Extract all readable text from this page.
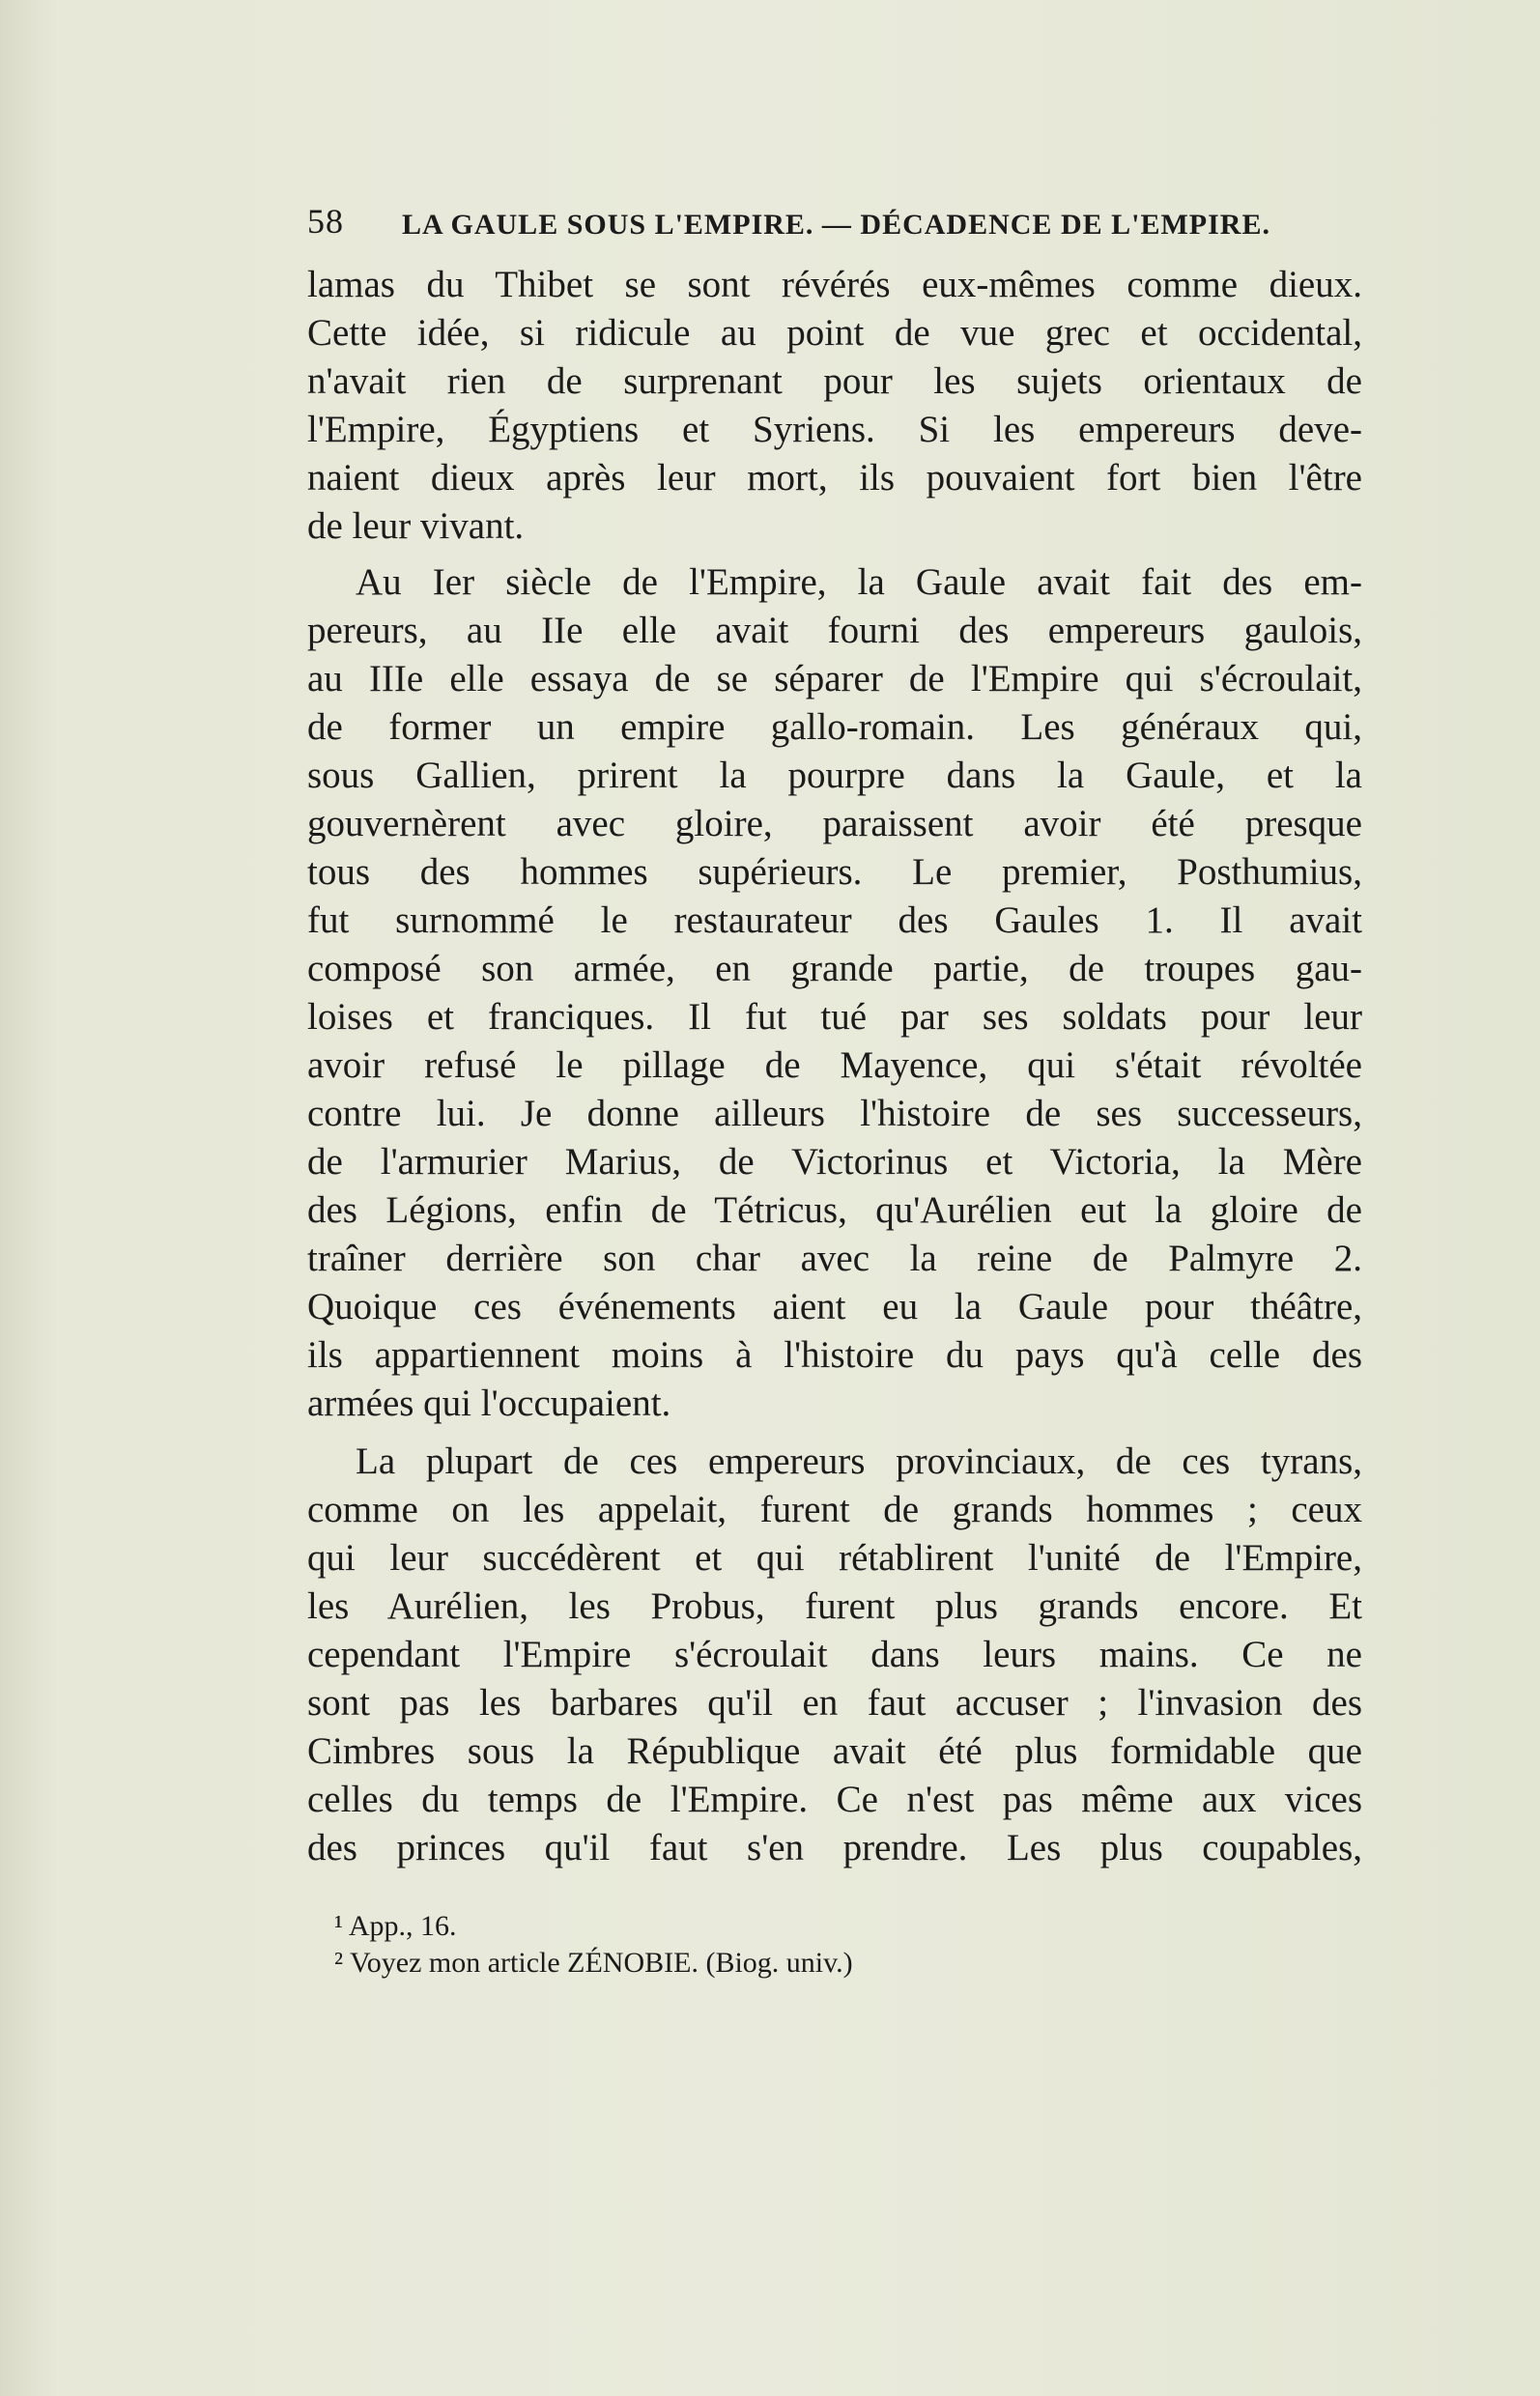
58 LA GAULE SOUS L'EMPIRE. — DÉCADENCE DE L'EMPIRE.
lamas du Thibet se sont révérés eux-mêmes comme dieux.
Cette idée, si ridicule au point de vue grec et occidental,
n'avait rien de surprenant pour les sujets orientaux de
l'Empire, Égyptiens et Syriens. Si les empereurs deve-
naient dieux après leur mort, ils pouvaient fort bien l'être
de leur vivant.
Au Ier siècle de l'Empire, la Gaule avait fait des em-
pereurs, au IIe elle avait fourni des empereurs gaulois,
au IIIe elle essaya de se séparer de l'Empire qui s'écroulait,
de former un empire gallo-romain. Les généraux qui,
sous Gallien, prirent la pourpre dans la Gaule, et la
gouvernèrent avec gloire, paraissent avoir été presque
tous des hommes supérieurs. Le premier, Posthumius,
fut surnommé le restaurateur des Gaules 1. Il avait
composé son armée, en grande partie, de troupes gau-
loises et franciques. Il fut tué par ses soldats pour leur
avoir refusé le pillage de Mayence, qui s'était révoltée
contre lui. Je donne ailleurs l'histoire de ses successeurs,
de l'armurier Marius, de Victorinus et Victoria, la Mère
des Légions, enfin de Tétricus, qu'Aurélien eut la gloire de
traîner derrière son char avec la reine de Palmyre 2.
Quoique ces événements aient eu la Gaule pour théâtre,
ils appartiennent moins à l'histoire du pays qu'à celle des
armées qui l'occupaient.
La plupart de ces empereurs provinciaux, de ces tyrans,
comme on les appelait, furent de grands hommes ; ceux
qui leur succédèrent et qui rétablirent l'unité de l'Empire,
les Aurélien, les Probus, furent plus grands encore. Et
cependant l'Empire s'écroulait dans leurs mains. Ce ne
sont pas les barbares qu'il en faut accuser ; l'invasion des
Cimbres sous la République avait été plus formidable que
celles du temps de l'Empire. Ce n'est pas même aux vices
des princes qu'il faut s'en prendre. Les plus coupables,
¹ App., 16.
² Voyez mon article ZÉNOBIE. (Biog. univ.)
